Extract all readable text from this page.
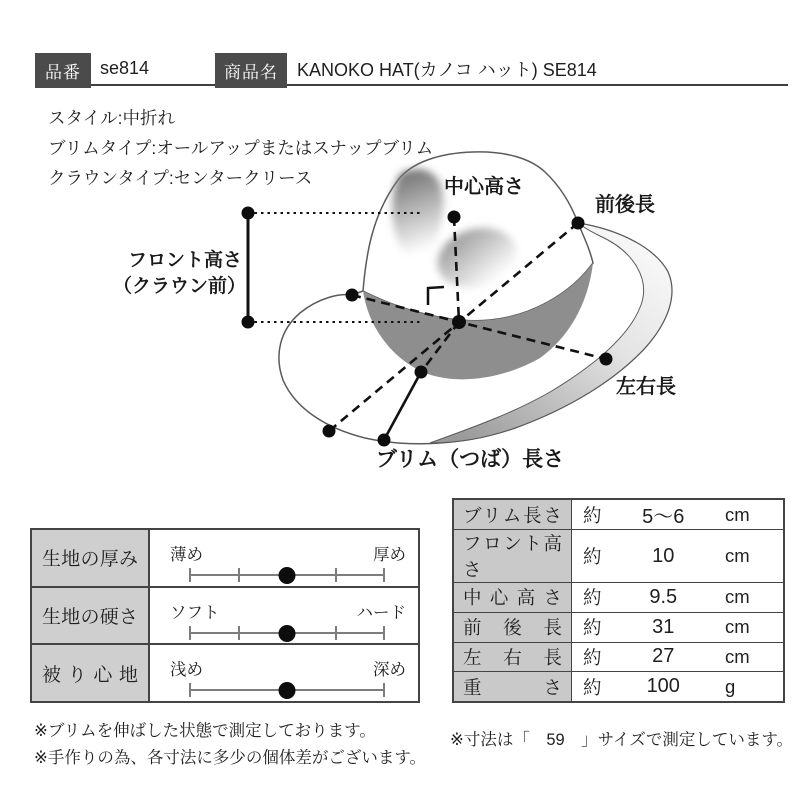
品番 se814	商品名 KANOKO HAT(カノコ ハット) SE814
スタイル:中折れ
ブリムタイプ:オールアップまたはスナップブリム
クラウンタイプ:センタークリース	中心高さ
前後長
フロント高さ
（クラウン前）
左右長
ブリム（つば）長さ
生地の厚み 薄め	厚め
生地の硬さ ソフト	ハード
被り心地 浅め	深め
ブリム長さ 約	5～6	cm
フロント高さ
約	10	cm
中心高さ 約	9.5	cm
前後長 約	31	cm
左右長 約	27	cm
重さ 約	100	g
※ブリムを伸ばした状態で測定しております。
※手作りの為、各寸法に多少の個体差がございます。
※寸法は「　59　」サイズで測定しています。
